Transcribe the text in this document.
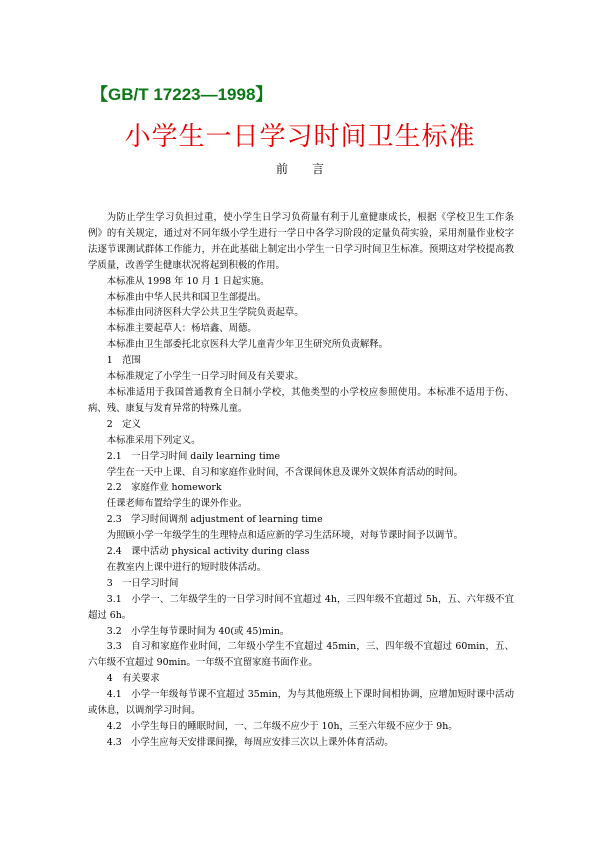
【GB/T 17223—1998】
小学生一日学习时间卫生标准
前言

为防止学生学习负担过重，使小学生日学习负荷量有利于儿童健康成长，根据《学校卫生工作条例》的有关规定，通过对不同年级小学生进行一学日中各学习阶段的定量负荷实验，采用剂量作业校字法逐节课测试群体工作能力，并在此基础上制定出小学生一日学习时间卫生标准。预期这对学校提高教学质量，改善学生健康状况将起到积极的作用。

本标准从 1998 年 10 月 1 日起实施。

本标准由中华人民共和国卫生部提出。

本标准由同济医科大学公共卫生学院负责起草。

本标准主要起草人：杨培鑫、周德。

本标准由卫生部委托北京医科大学儿童青少年卫生研究所负责解释。

1　范围

本标准规定了小学生一日学习时间及有关要求。

本标准适用于我国普通教育全日制小学校，其他类型的小学校应参照使用。本标准不适用于伤、病、残、康复与发育异常的特殊儿童。

2　定义

本标准采用下列定义。

2.1　一日学习时间 daily learning time

学生在一天中上课、自习和家庭作业时间，不含课间休息及课外文娱体育活动的时间。

2.2　家庭作业 homework

任课老师布置给学生的课外作业。

2.3　学习时间调剂 adjustment of learning time

为照顾小学一年级学生的生理特点和适应新的学习生活环境，对每节课时间予以调节。

2.4　课中活动 physical activity during class

在教室内上课中进行的短时肢体活动。

3　一日学习时间

3.1　小学一、二年级学生的一日学习时间不宜超过 4h，三四年级不宜超过 5h，五、六年级不宜超过 6h。

3.2　小学生每节课时间为 40(或 45)min。

3.3　自习和家庭作业时间，二年级小学生不宜超过 45min，三、四年级不宜超过 60min，五、六年级不宜超过 90min。一年级不宜留家庭书面作业。

4　有关要求

4.1　小学一年级每节课不宜超过 35min，为与其他班级上下课时间相协调，应增加短时课中活动或休息，以调剂学习时间。

4.2　小学生每日的睡眠时间，一、二年级不应少于 10h，三至六年级不应少于 9h。

4.3　小学生应每天安排课间操，每周应安排三次以上课外体育活动。
